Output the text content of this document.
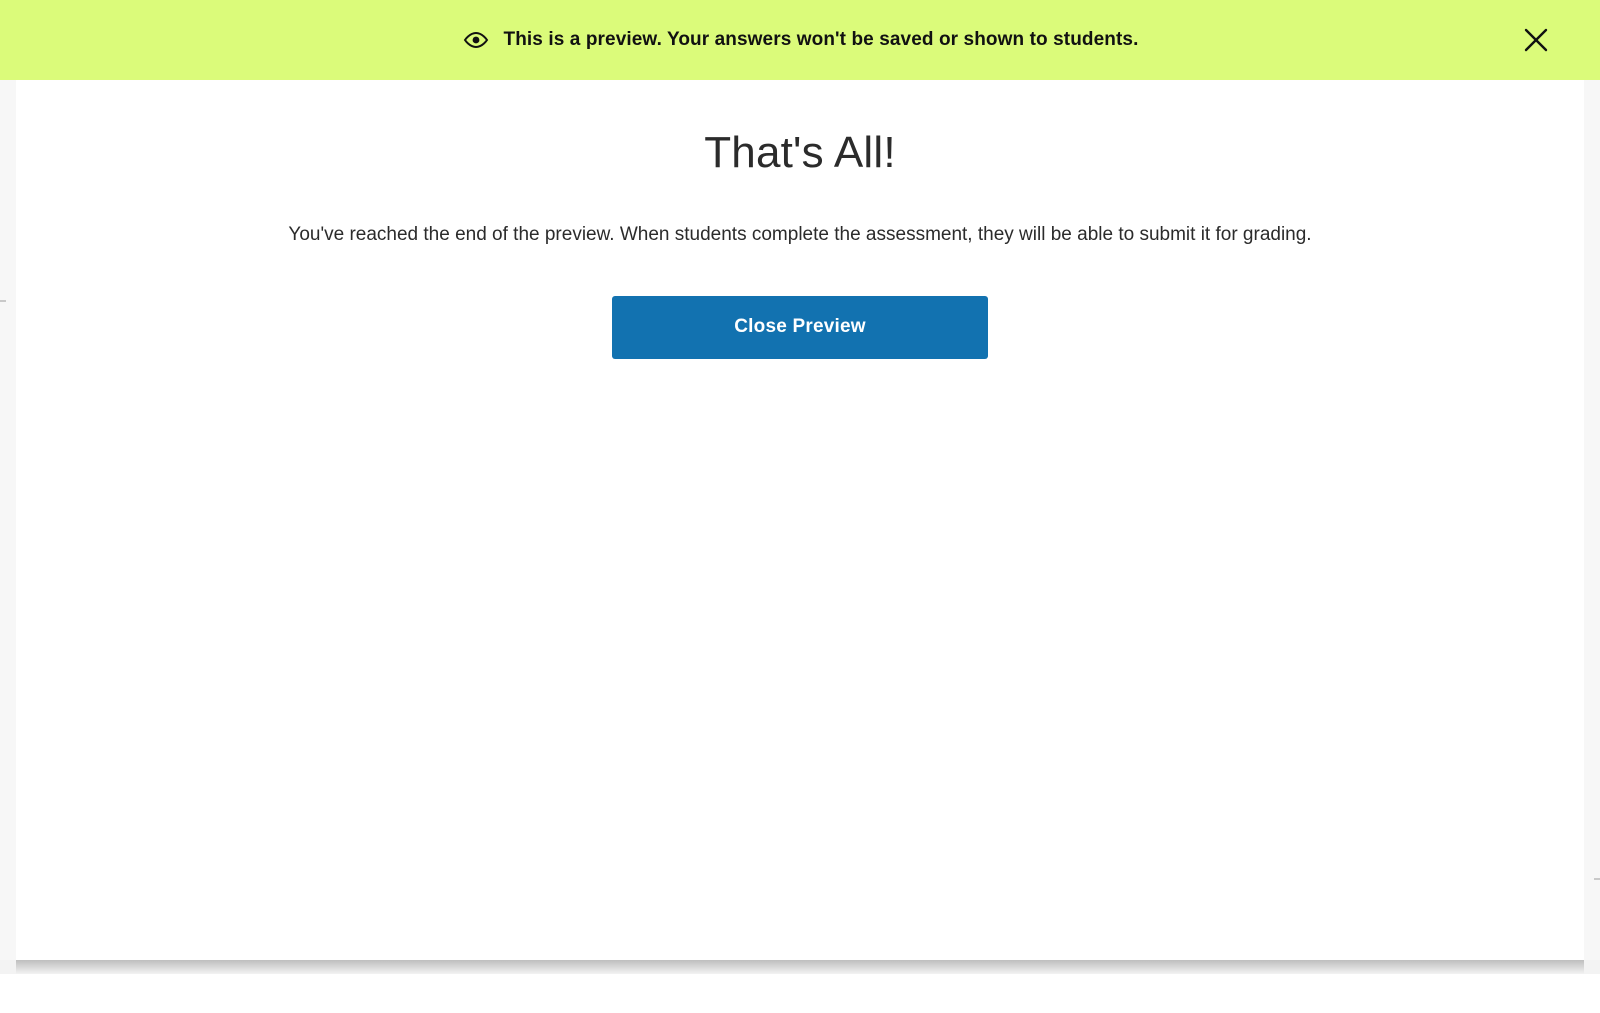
This is a preview. Your answers won't be saved or shown to students.
That's All!

You've reached the end of the preview. When students complete the assessment, they will be able to submit it for grading.

Close Preview
